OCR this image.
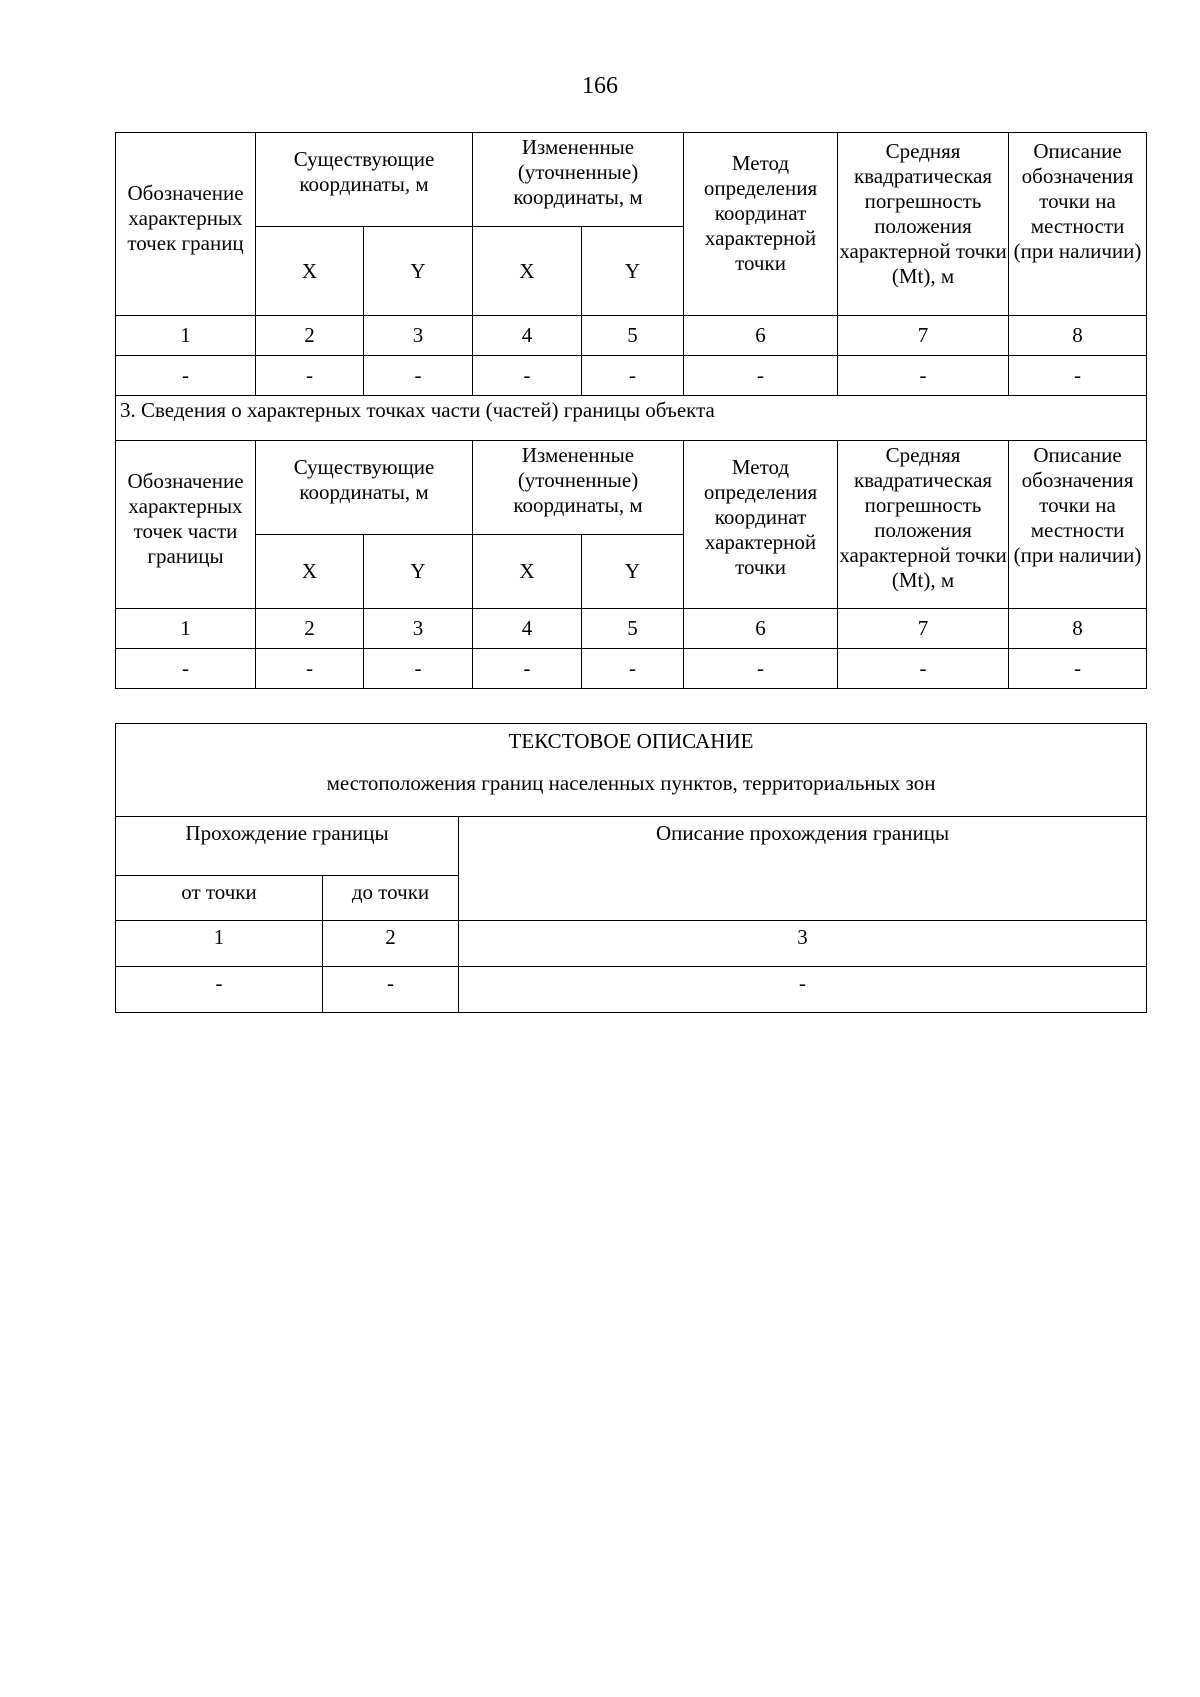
166
Обозначение характерных точек границ	Существующие координаты, м		Измененные (уточненные) координаты, м		Метод определения координат характерной точки	Средняя квадратическая погрешность положения характерной точки (Mt), м	Описание обозначения точки на местности (при наличии)
	X	Y	X	Y			
1	2	3	4	5	6	7	8
-	-	-	-	-	-	-	-
3. Сведения о характерных точках части (частей) границы объекта							
Обозначение характерных точек части границы	Существующие координаты, м		Измененные (уточненные) координаты, м		Метод определения координат характерной точки	Средняя квадратическая погрешность положения характерной точки (Mt), м	Описание обозначения точки на местности (при наличии)
	X	Y	X	Y			
1	2	3	4	5	6	7	8
-	-	-	-	-	-	-	-
ТЕКСТОВОЕ ОПИСАНИЕ
местоположения границ населенных пунктов, территориальных зон		

Прохождение границы		Описание прохождения границы
от точки	до точки	
1	2	3
-	-	-
